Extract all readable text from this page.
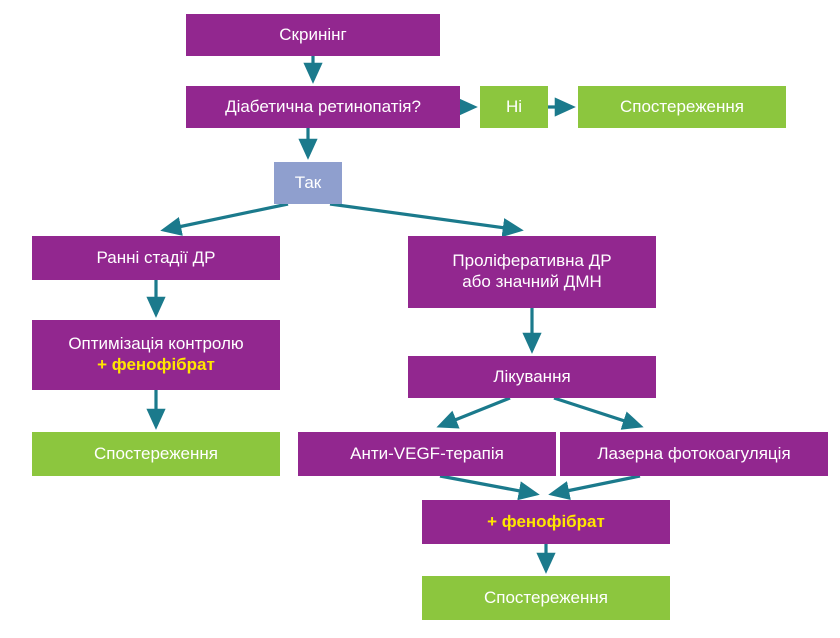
Скринінг
Діабетична ретинопатія?	Ні	Спостереження
Так
Ранні стадії ДР	Проліферативна ДР
або значний ДМН
Оптимізація контролю
+ фенофібрат
Лікування
Спостереження	Анти-VEGF-терапія	Лазерна фотокоагуляція
+ фенофібрат
Спостереження
